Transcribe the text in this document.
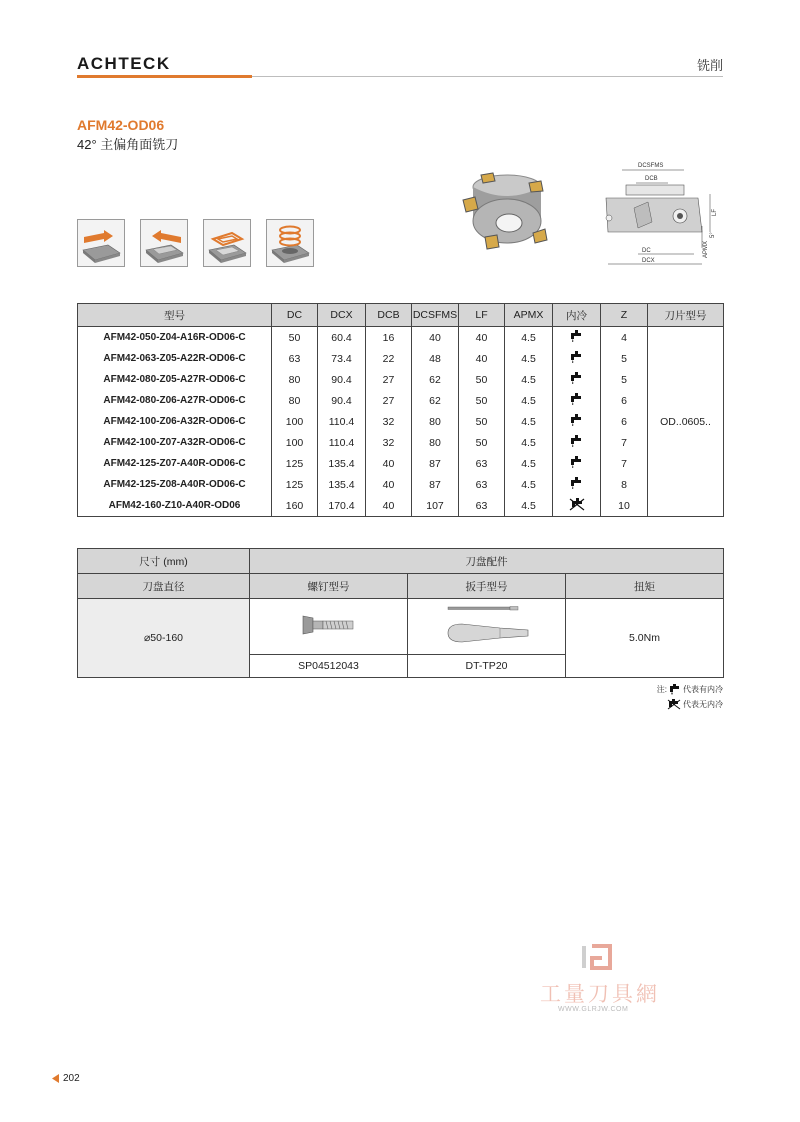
ACHTECK	铣削
AFM42-OD06
42° 主偏角面铣刀
DCSFMS
DCB
DC
DCX
LF
APMX
5°
型号	DC	DCX	DCB	DCSFMS	LF	APMX	内冷	Z	刀片型号
AFM42-050-Z04-A16R-OD06-C	50	60.4	16	40	40	4.5		4	OD..0605..
AFM42-063-Z05-A22R-OD06-C	63	73.4	22	48	40	4.5		5	
AFM42-080-Z05-A27R-OD06-C	80	90.4	27	62	50	4.5		5	
AFM42-080-Z06-A27R-OD06-C	80	90.4	27	62	50	4.5		6	
AFM42-100-Z06-A32R-OD06-C	100	110.4	32	80	50	4.5		6	
AFM42-100-Z07-A32R-OD06-C	100	110.4	32	80	50	4.5		7	
AFM42-125-Z07-A40R-OD06-C	125	135.4	40	87	63	4.5		7	
AFM42-125-Z08-A40R-OD06-C	125	135.4	40	87	63	4.5		8	
AFM42-160-Z10-A40R-OD06	160	170.4	40	107	63	4.5		10	
尺寸 (mm)	刀盘配件		
刀盘直径	螺钉型号	扳手型号	扭矩
⌀50-160			5.0Nm
	SP04512043	DT-TP20	
注: 代表有内冷
代表无内冷
工量刀具網
WWW.GLRJW.COM
202
